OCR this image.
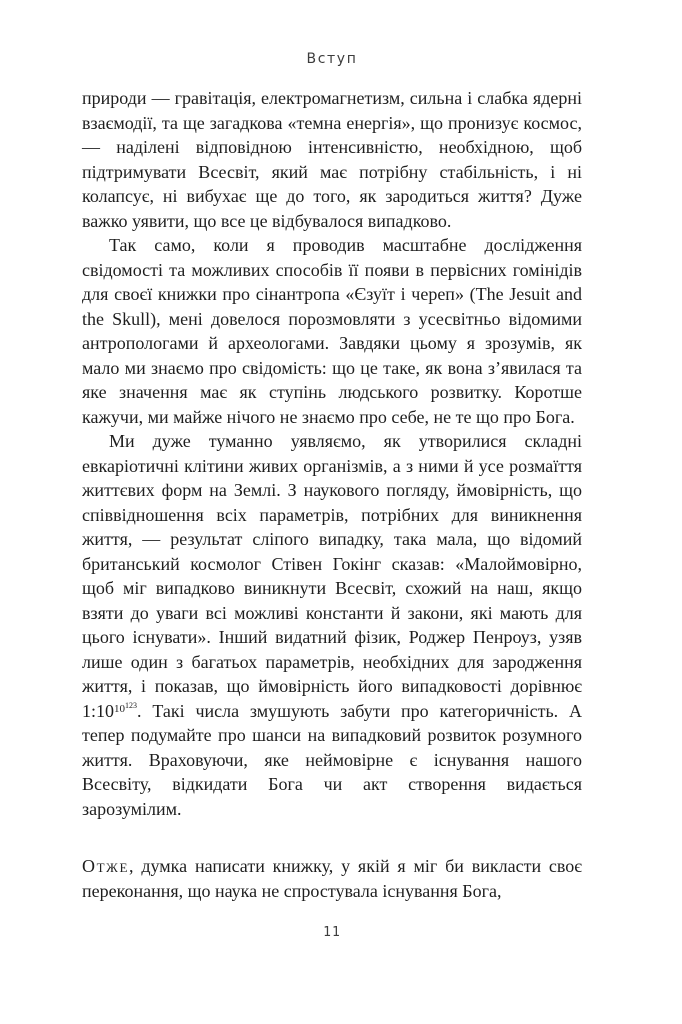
Вступ

природи — гравітація, електромагнетизм, сильна і слабка ядерні взаємодії, та ще загадкова «темна енергія», що пронизує космос, — наділені відповідною інтенсивністю, необхідною, щоб підтримувати Всесвіт, який має потрібну стабільність, і ні колапсує, ні вибухає ще до того, як зародиться життя? Дуже важко уявити, що все це відбувалося випадково.

Так само, коли я проводив масштабне дослідження свідомості та можливих способів її появи в первісних гомінідів для своєї книжки про сінантропа «Єзуїт і череп» (The Jesuit and the Skull), мені довелося порозмовляти з усесвітньо відомими антропологами й археологами. Завдяки цьому я зрозумів, як мало ми знаємо про свідомість: що це таке, як вона з’явилася та яке значення має як ступінь людського розвитку. Коротше кажучи, ми майже нічого не знаємо про себе, не те що про Бога.

Ми дуже туманно уявляємо, як утворилися складні евкаріотичні клітини живих організмів, а з ними й усе розмаїття життєвих форм на Землі. З наукового погляду, ймовірність, що співвідношення всіх параметрів, потрібних для виникнення життя, — результат сліпого випадку, така мала, що відомий британський космолог Стівен Гокінг сказав: «Малоймовірно, щоб міг випадково виникнути Всесвіт, схожий на наш, якщо взяти до уваги всі можливі константи й закони, які мають для цього існувати». Інший видатний фізик, Роджер Пенроуз, узяв лише один з багатьох параметрів, необхідних для зародження життя, і показав, що ймовірність його випадковості дорівнює $1:10^{10123}$. Такі числа змушують забути про категоричність. А тепер подумайте про шанси на випадковий розвиток розумного життя. Враховуючи, яке неймовірне є існування нашого Всесвіту, відкидати Бога чи акт створення видається зарозумілим.

Отже, думка написати книжку, у якій я міг би викласти своє переконання, що наука не спростувала існування Бога,

11
